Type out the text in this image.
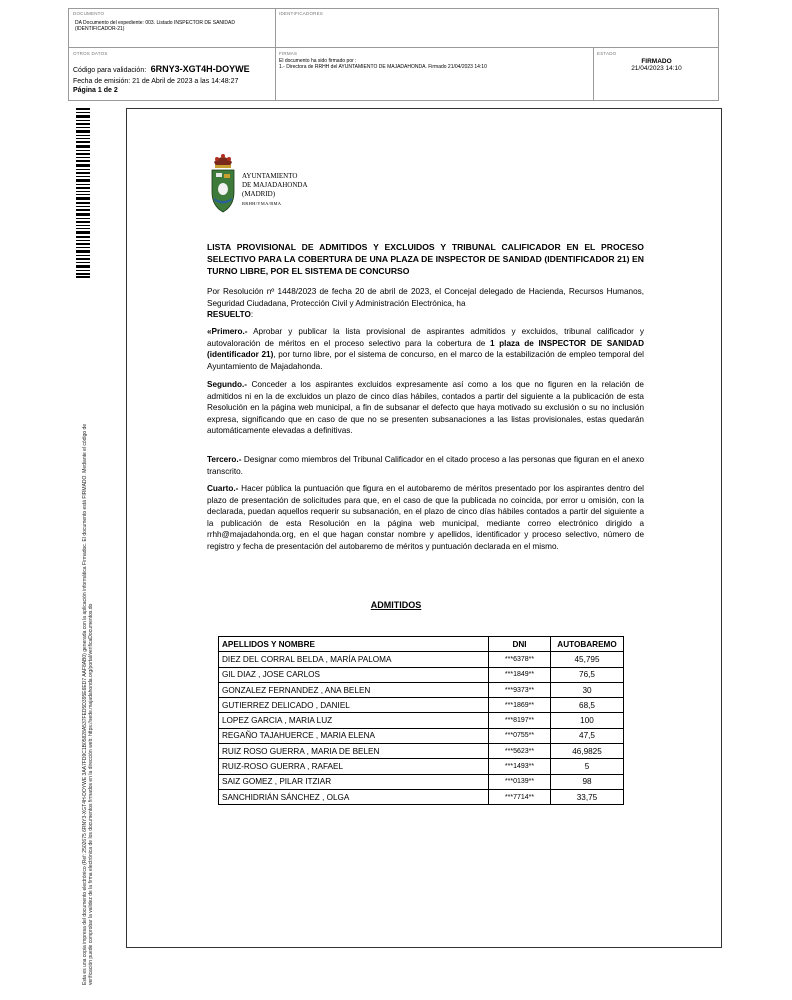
DOCUMENTO
DA Documento del expediente: 003. Listado INSPECTOR DE SANIDAD (IDENTIFICADOR-21)
IDENTIFICADORES
OTROS DATOS
Código para validación: 6RNY3-XGT4H-DOYWE
Fecha de emisión: 21 de Abril de 2023 a las 14:48:27
Página 1 de 2
FIRMAS
El documento ha sido firmado por :
1.- Directora de RRHH del AYUNTAMIENTO DE MAJADAHONDA. Firmado 21/04/2023 14:10
ESTADO
FIRMADO
21/04/2023 14:10
Esta es una copia impresa del documento electrónico (Ref: 2502675 6RNY3-XGT4H-DOYWE 3AA7FD9C1B05828A537FED5D395E6ED7 AAF8AB0) generada con la aplicación informática Firmadoc. El documento está FIRMADO. Mediante el código de verificación puede comprobar la validez de la firma electrónica de los documentos firmados en la dirección web: https://sede.majadahonda.org/portal/verificaDocumentos.do
AYUNTAMIENTO
DE MAJADAHONDA
(MADRID)
RRHH/YMA/BMA
LISTA PROVISIONAL DE ADMITIDOS Y EXCLUIDOS Y TRIBUNAL CALIFICADOR EN EL PROCESO SELECTIVO PARA LA COBERTURA DE UNA PLAZA DE INSPECTOR DE SANIDAD (IDENTIFICADOR 21) EN TURNO LIBRE, POR EL SISTEMA DE CONCURSO
Por Resolución nº 1448/2023 de fecha 20 de abril de 2023, el Concejal delegado de Hacienda, Recursos Humanos, Seguridad Ciudadana, Protección Civil y Administración Electrónica, ha
RESUELTO:
«Primero.- Aprobar y publicar la lista provisional de aspirantes admitidos y excluidos, tribunal calificador y autovaloración de méritos en el proceso selectivo para la cobertura de 1 plaza de INSPECTOR DE SANIDAD (identificador 21), por turno libre, por el sistema de concurso, en el marco de la estabilización de empleo temporal del Ayuntamiento de Majadahonda.
Segundo.- Conceder a los aspirantes excluidos expresamente así como a los que no figuren en la relación de admitidos ni en la de excluidos un plazo de cinco días hábiles, contados a partir del siguiente a la publicación de esta Resolución en la página web municipal, a fin de subsanar el defecto que haya motivado su exclusión o su no inclusión expresa, significando que en caso de que no se presenten subsanaciones a las listas provisionales, estas quedarán automáticamente elevadas a definitivas.
Tercero.- Designar como miembros del Tribunal Calificador en el citado proceso a las personas que figuran en el anexo transcrito.
Cuarto.- Hacer pública la puntuación que figura en el autobaremo de méritos presentado por los aspirantes dentro del plazo de presentación de solicitudes para que, en el caso de que la publicada no coincida, por error u omisión, con la declarada, puedan aquellos requerir su subsanación, en el plazo de cinco días hábiles contados a partir del siguiente a la publicación de esta Resolución en la página web municipal, mediante correo electrónico dirigido a rrhh@majadahonda.org, en el que hagan constar nombre y apellidos, identificador y proceso selectivo, número de registro y fecha de presentación del autobaremo de méritos y puntuación declarada en el mismo.
ADMITIDOS
APELLIDOS Y NOMBRE	DNI	AUTOBAREMO
DIEZ DEL CORRAL BELDA , MARÍA PALOMA	***6378**	45,795
GIL DIAZ , JOSE CARLOS	***1849**	76,5
GONZALEZ FERNANDEZ , ANA BELEN	***9373**	30
GUTIERREZ DELICADO , DANIEL	***1869**	68,5
LOPEZ GARCIA , MARIA LUZ	***8197**	100
REGAÑO TAJAHUERCE , MARIA ELENA	***0755**	47,5
RUIZ ROSO GUERRA , MARIA DE BELEN	***5623**	46,9825
RUIZ-ROSO GUERRA , RAFAEL	***1493**	5
SAIZ GOMEZ , PILAR ITZIAR	***0139**	98
SANCHIDRIÁN SÁNCHEZ , OLGA	***7714**	33,75
